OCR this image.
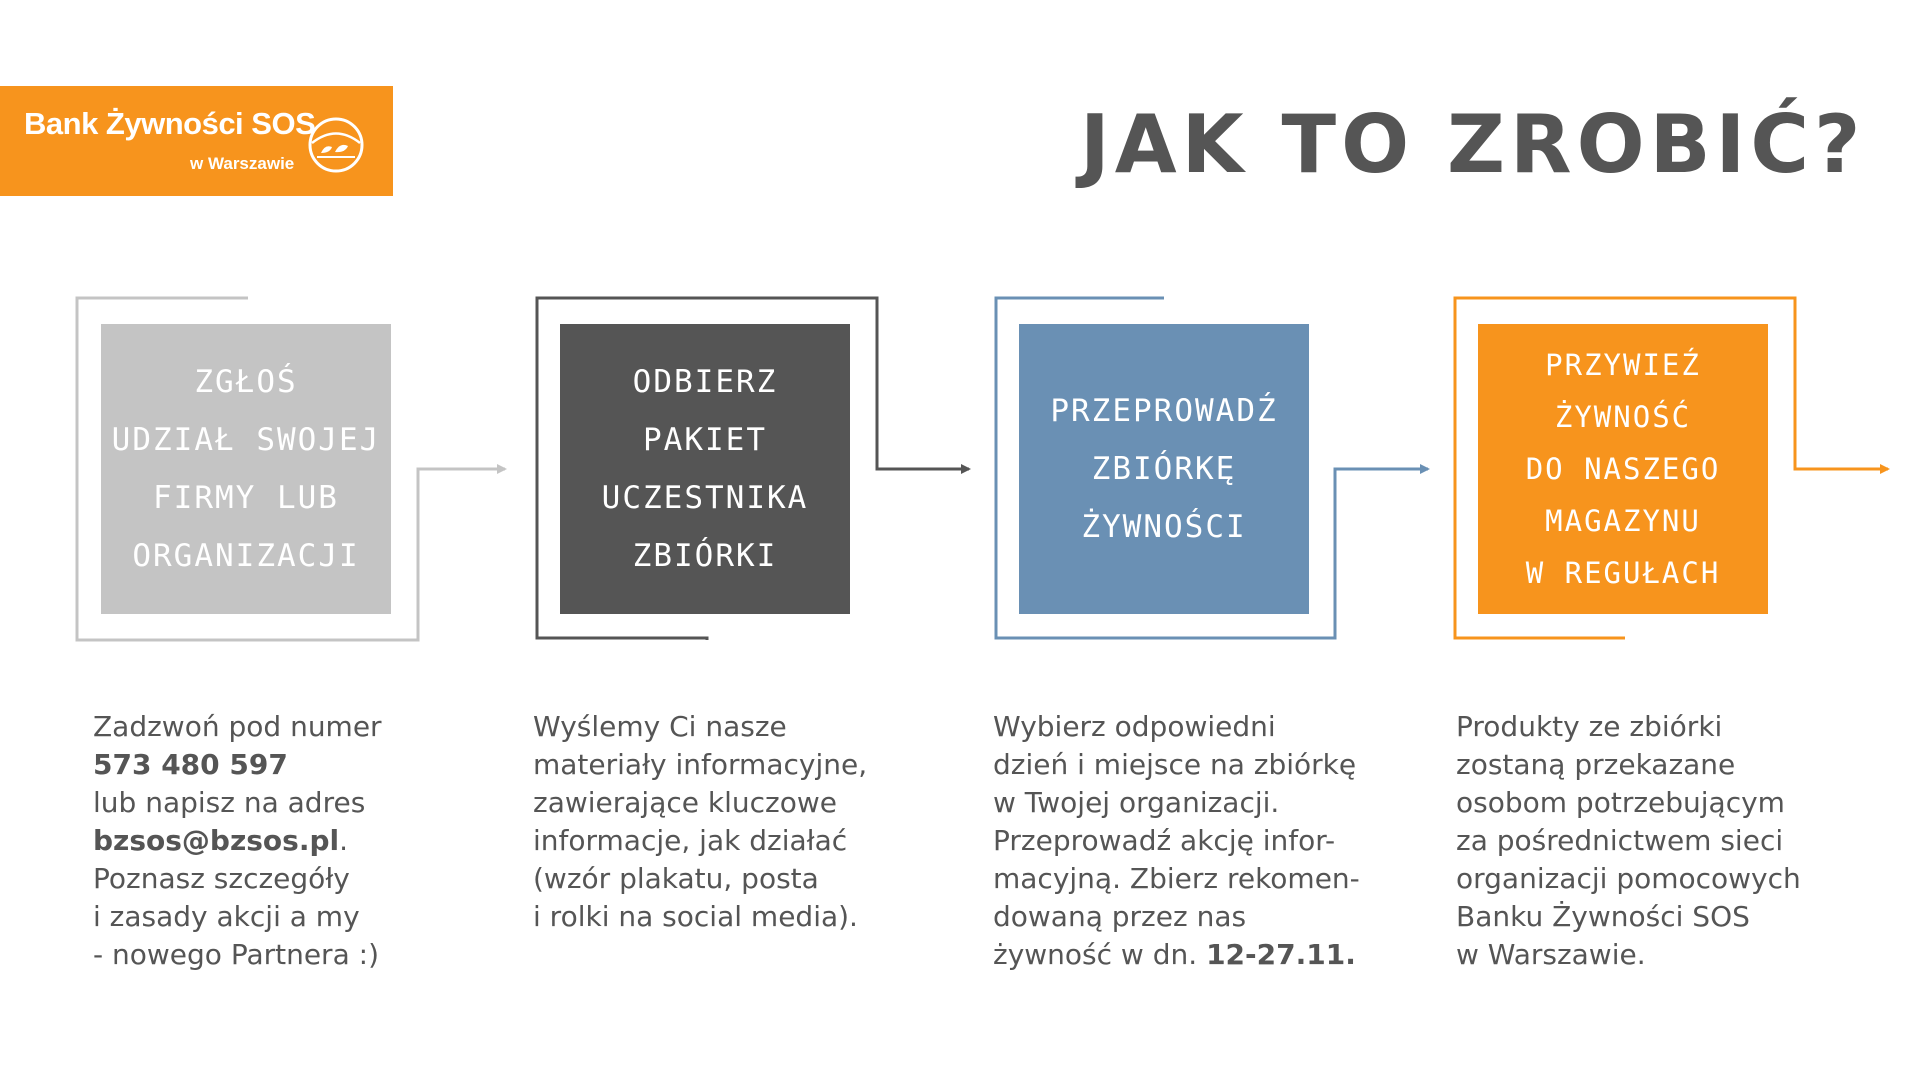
Bank Żywności SOS
w Warszawie	JAK TO ZROBIĆ?
ZGŁOŚ
UDZIAŁ SWOJEJ
FIRMY LUB
ORGANIZACJI
ODBIERZ
PAKIET
UCZESTNIKA
ZBIÓRKI
PRZEPROWADŹ
ZBIÓRKĘ
ŻYWNOŚCI
PRZYWIEŹ
ŻYWNOŚĆ
DO NASZEGO
MAGAZYNU
W REGUŁACH
Zadzwoń pod numer
573 480 597
lub napisz na adres
bzsos@bzsos.pl.
Poznasz szczegóły
i zasady akcji a my
- nowego Partnera :)
Wyślemy Ci nasze
materiały informacyjne,
zawierające kluczowe
informacje, jak działać
(wzór plakatu, posta
i rolki na social media).
Wybierz odpowiedni
dzień i miejsce na zbiórkę
w Twojej organizacji.
Przeprowadź akcję infor-
macyjną. Zbierz rekomen-
dowaną przez nas
żywność w dn. 12-27.11.
Produkty ze zbiórki
zostaną przekazane
osobom potrzebującym
za pośrednictwem sieci
organizacji pomocowych
Banku Żywności SOS
w Warszawie.
